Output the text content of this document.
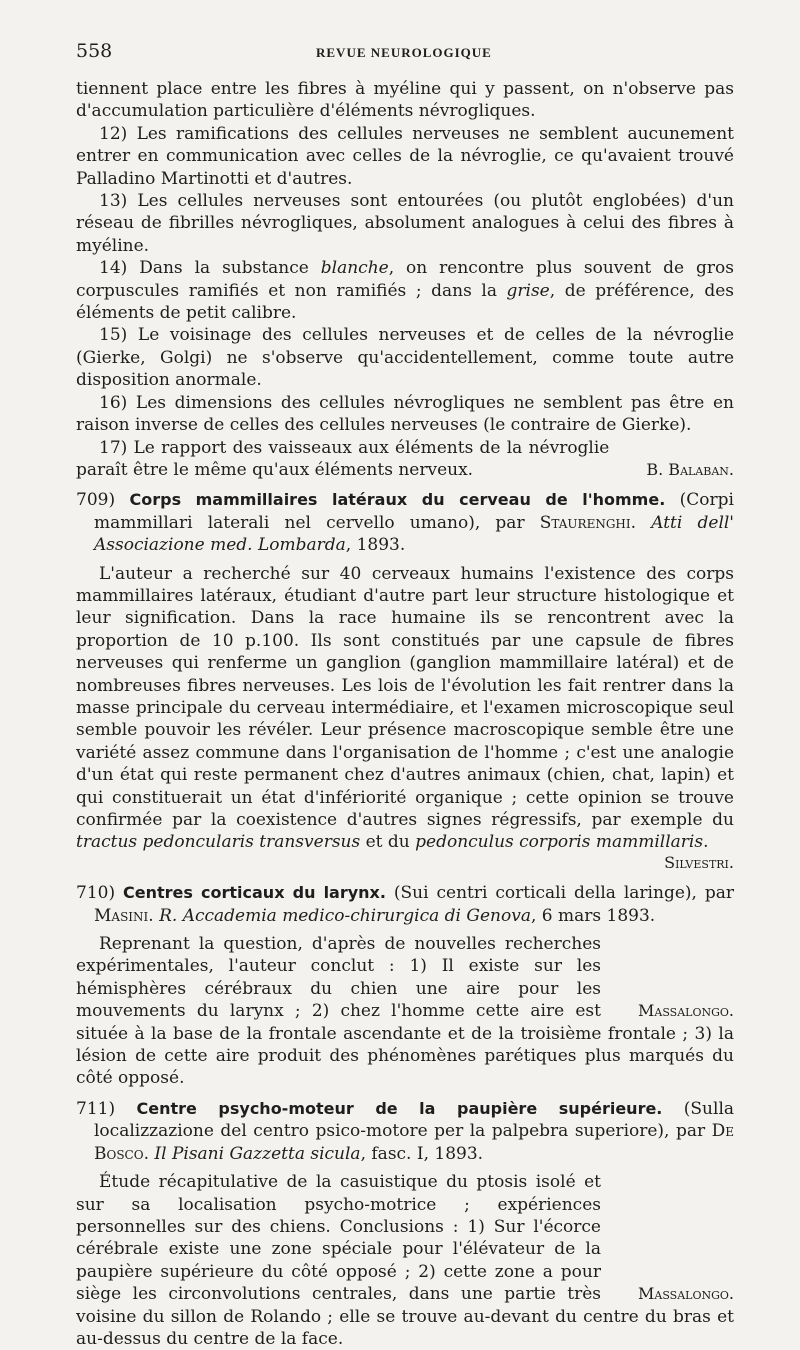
558	REVUE NEUROLOGIQUE

tiennent place entre les fibres à myéline qui y passent, on n'observe pas d'accumulation particulière d'éléments névrogliques.

12) Les ramifications des cellules nerveuses ne semblent aucunement entrer en communication avec celles de la névroglie, ce qu'avaient trouvé Palladino Martinotti et d'autres.

13) Les cellules nerveuses sont entourées (ou plutôt englobées) d'un réseau de fibrilles névrogliques, absolument analogues à celui des fibres à myéline.

14) Dans la substance blanche, on rencontre plus souvent de gros corpuscules ramifiés et non ramifiés ; dans la grise, de préférence, des éléments de petit calibre.

15) Le voisinage des cellules nerveuses et de celles de la névroglie (Gierke, Golgi) ne s'observe qu'accidentellement, comme toute autre disposition anormale.

16) Les dimensions des cellules névrogliques ne semblent pas être en raison inverse de celles des cellules nerveuses (le contraire de Gierke).

B. Balaban.
17) Le rapport des vaisseaux aux éléments de la névroglie paraît être le même qu'aux éléments nerveux.

709) Corps mammillaires latéraux du cerveau de l'homme. (Corpi mammillari laterali nel cervello umano), par Staurenghi. Atti dell' Associazione med. Lombarda, 1893.

L'auteur a recherché sur 40 cerveaux humains l'existence des corps mammillaires latéraux, étudiant d'autre part leur structure histologique et leur signification. Dans la race humaine ils se rencontrent avec la proportion de 10 p.100. Ils sont constitués par une capsule de fibres nerveuses qui renferme un ganglion (ganglion mammillaire latéral) et de nombreuses fibres nerveuses. Les lois de l'évolution les fait rentrer dans la masse principale du cerveau intermédiaire, et l'examen microscopique seul semble pouvoir les révéler. Leur présence macroscopique semble être une variété assez commune dans l'organisation de l'homme ; c'est une analogie d'un état qui reste permanent chez d'autres animaux (chien, chat, lapin) et qui constituerait un état d'infériorité organique ; cette opinion se trouve confirmée par la coexistence d'autres signes régressifs, par exemple du tractus pedoncularis transversus et du pedonculus corporis mammillaris.

Silvestri.

710) Centres corticaux du larynx. (Sui centri corticali della laringe), par Masini. R. Accademia medico-chirurgica di Genova, 6 mars 1893.

Massalongo.
Reprenant la question, d'après de nouvelles recherches expérimentales, l'auteur conclut : 1) Il existe sur les hémisphères cérébraux du chien une aire pour les mouvements du larynx ; 2) chez l'homme cette aire est située à la base de la frontale ascendante et de la troisième frontale ; 3) la lésion de cette aire produit des phénomènes parétiques plus marqués du côté opposé.

711) Centre psycho-moteur de la paupière supérieure. (Sulla localizzazione del centro psico-motore per la palpebra superiore), par De Bosco. Il Pisani Gazzetta sicula, fasc. I, 1893.

Massalongo.
Étude récapitulative de la casuistique du ptosis isolé et sur sa localisation psycho-motrice ; expériences personnelles sur des chiens. Conclusions : 1) Sur l'écorce cérébrale existe une zone spéciale pour l'élévateur de la paupière supérieure du côté opposé ; 2) cette zone a pour siège les circonvolutions centrales, dans une partie très voisine du sillon de Rolando ; elle se trouve au-devant du centre du bras et au-dessus du centre de la face.
